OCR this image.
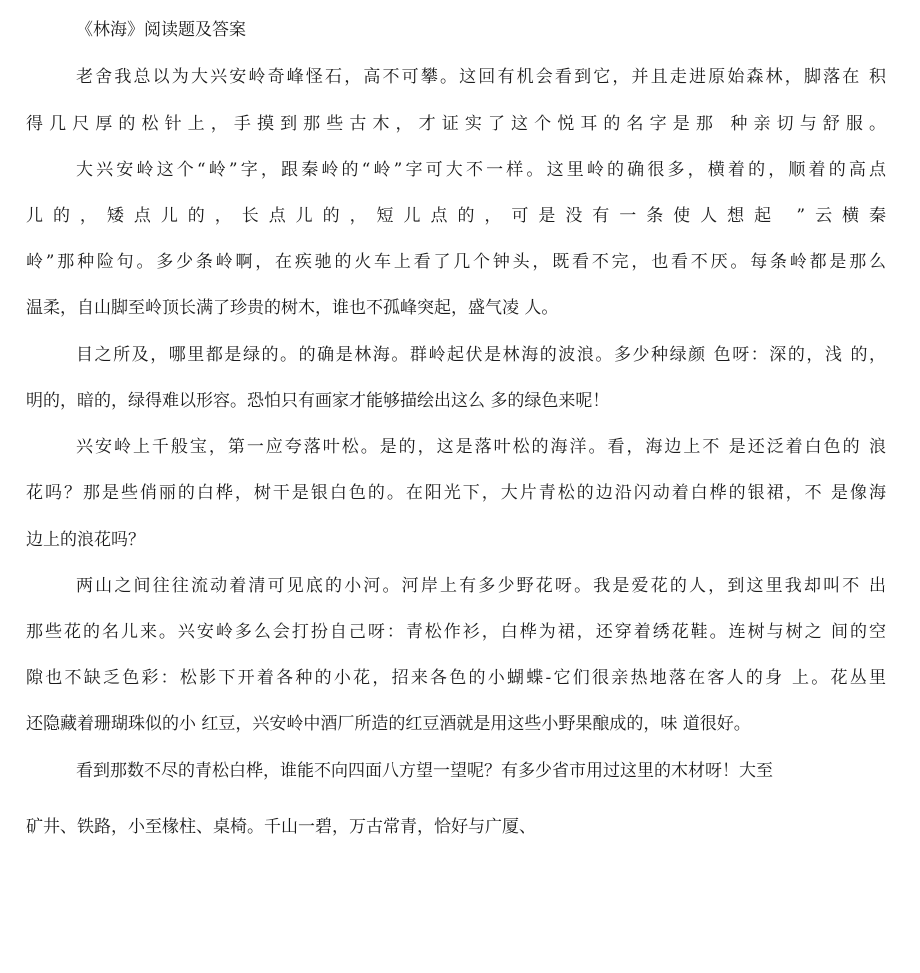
《林海》阅读题及答案
老舍我总以为大兴安岭奇峰怪石，高不可攀。这回有机会看到它，并且走进原始森林，脚落在 积
得几尺厚的松针上，手摸到那些古木，才证实了这个悦耳的名字是那 种亲切与舒服。
大兴安岭这个“岭”字，跟秦岭的“岭”字可大不一样。这里岭的确很多，横着的，顺着的高点
儿的，矮点儿的，长点儿的，短儿点的，可是没有一条使人想起 ”云横秦
岭”那种险句。多少条岭啊，在疾驰的火车上看了几个钟头，既看不完，也看不厌。每条岭都是那么
温柔，自山脚至岭顶长满了珍贵的树木，谁也不孤峰突起，盛气凌 人。
目之所及，哪里都是绿的。的确是林海。群岭起伏是林海的波浪。多少种绿颜 色呀：深的，浅 的，
明的，暗的，绿得难以形容。恐怕只有画家才能够描绘出这么 多的绿色来呢！
兴安岭上千般宝，第一应夸落叶松。是的，这是落叶松的海洋。看，海边上不 是还泛着白色的 浪
花吗？那是些俏丽的白桦，树干是银白色的。在阳光下，大片青松的边沿闪动着白桦的银裙，不 是像海
边上的浪花吗？
两山之间往往流动着清可见底的小河。河岸上有多少野花呀。我是爱花的人，到这里我却叫不 出
那些花的名儿来。兴安岭多么会打扮自己呀：青松作衫，白桦为裙，还穿着绣花鞋。连树与树之 间的空
隙也不缺乏色彩：松影下开着各种的小花，招来各色的小蝴蝶-它们很亲热地落在客人的身 上。花丛里
还隐藏着珊瑚珠似的小 红豆，兴安岭中酒厂所造的红豆酒就是用这些小野果酿成的，味 道很好。
看到那数不尽的青松白桦，谁能不向四面八方望一望呢？有多少省市用过这里的木材呀！大至
矿井、铁路，小至椽柱、桌椅。千山一碧，万古常青，恰好与广厦、
